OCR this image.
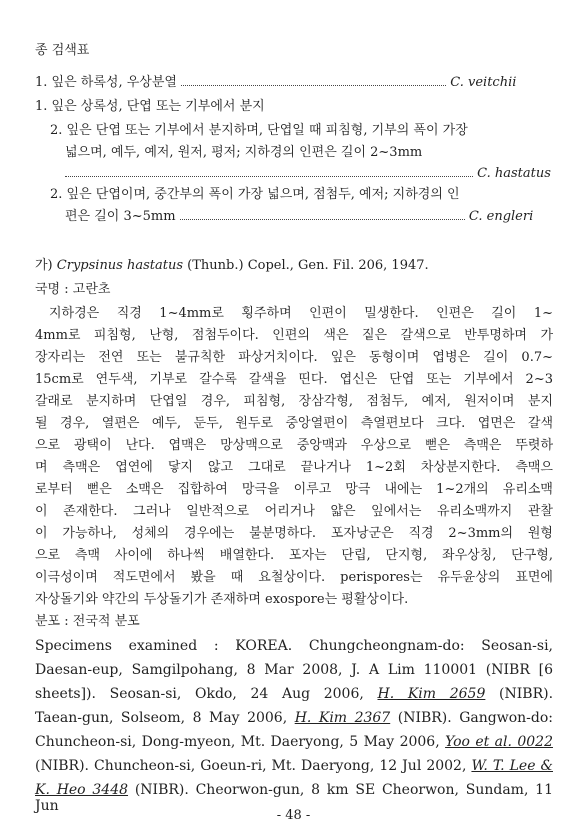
종 검색표
1. 잎은 하록성, 우상분열	C. veitchii
1. 잎은 상록성, 단엽 또는 기부에서 분지
2. 잎은 단엽 또는 기부에서 분지하며, 단엽일 때 피침형, 기부의 폭이 가장
넓으며, 예두, 예저, 원저, 평저; 지하경의 인편은 길이 2~3mm
C. hastatus
2. 잎은 단엽이며, 중간부의 폭이 가장 넓으며, 점첨두, 예저; 지하경의 인
편은 길이 3~5mm	C. engleri
가) Crypsinus hastatus (Thunb.) Copel., Gen. Fil. 206, 1947.
국명 : 고란초
지하경은 직경 1~4mm로 횡주하며 인편이 밀생한다. 인편은 길이 1~
4mm로 피침형, 난형, 점첨두이다. 인편의 색은 짙은 갈색으로 반투명하며 가
장자리는 전연 또는 불규칙한 파상거치이다. 잎은 동형이며 엽병은 길이 0.7~
15cm로 연두색, 기부로 갈수록 갈색을 띤다. 엽신은 단엽 또는 기부에서 2~3
갈래로 분지하며 단엽일 경우, 피침형, 장삼각형, 점첨두, 예저, 원저이며 분지
될 경우, 열편은 예두, 둔두, 원두로 중앙열편이 측열편보다 크다. 엽면은 갈색
으로 광택이 난다. 엽맥은 망상맥으로 중앙맥과 우상으로 뻗은 측맥은 뚜렷하
며 측맥은 엽연에 닿지 않고 그대로 끝나거나 1~2회 차상분지한다. 측맥으
로부터 뻗은 소맥은 집합하여 망극을 이루고 망극 내에는 1~2개의 유리소맥
이 존재한다. 그러나 일반적으로 어리거나 얇은 잎에서는 유리소맥까지 관찰
이 가능하나, 성체의 경우에는 불분명하다. 포자낭군은 직경 2~3mm의 원형
으로 측맥 사이에 하나씩 배열한다. 포자는 단립, 단지형, 좌우상칭, 단구형,
이극성이며 적도면에서 봤을 때 요철상이다. perispores는 유두윤상의 표면에
자상돌기와 약간의 두상돌기가 존재하며 exospore는 평활상이다.
분포 : 전국적 분포
Specimens examined : KOREA. Chungcheongnam-do: Seosan-si,
Daesan-eup, Samgilpohang, 8 Mar 2008, J. A Lim 110001 (NIBR [6
sheets]). Seosan-si, Okdo, 24 Aug 2006, H. Kim 2659 (NIBR).
Taean-gun, Solseom, 8 May 2006, H. Kim 2367 (NIBR). Gangwon-do:
Chuncheon-si, Dong-myeon, Mt. Daeryong, 5 May 2006, Yoo et al. 0022
(NIBR). Chuncheon-si, Goeun-ri, Mt. Daeryong, 12 Jul 2002, W. T. Lee &
K. Heo 3448 (NIBR). Cheorwon-gun, 8 km SE Cheorwon, Sundam, 11 Jun
- 48 -
